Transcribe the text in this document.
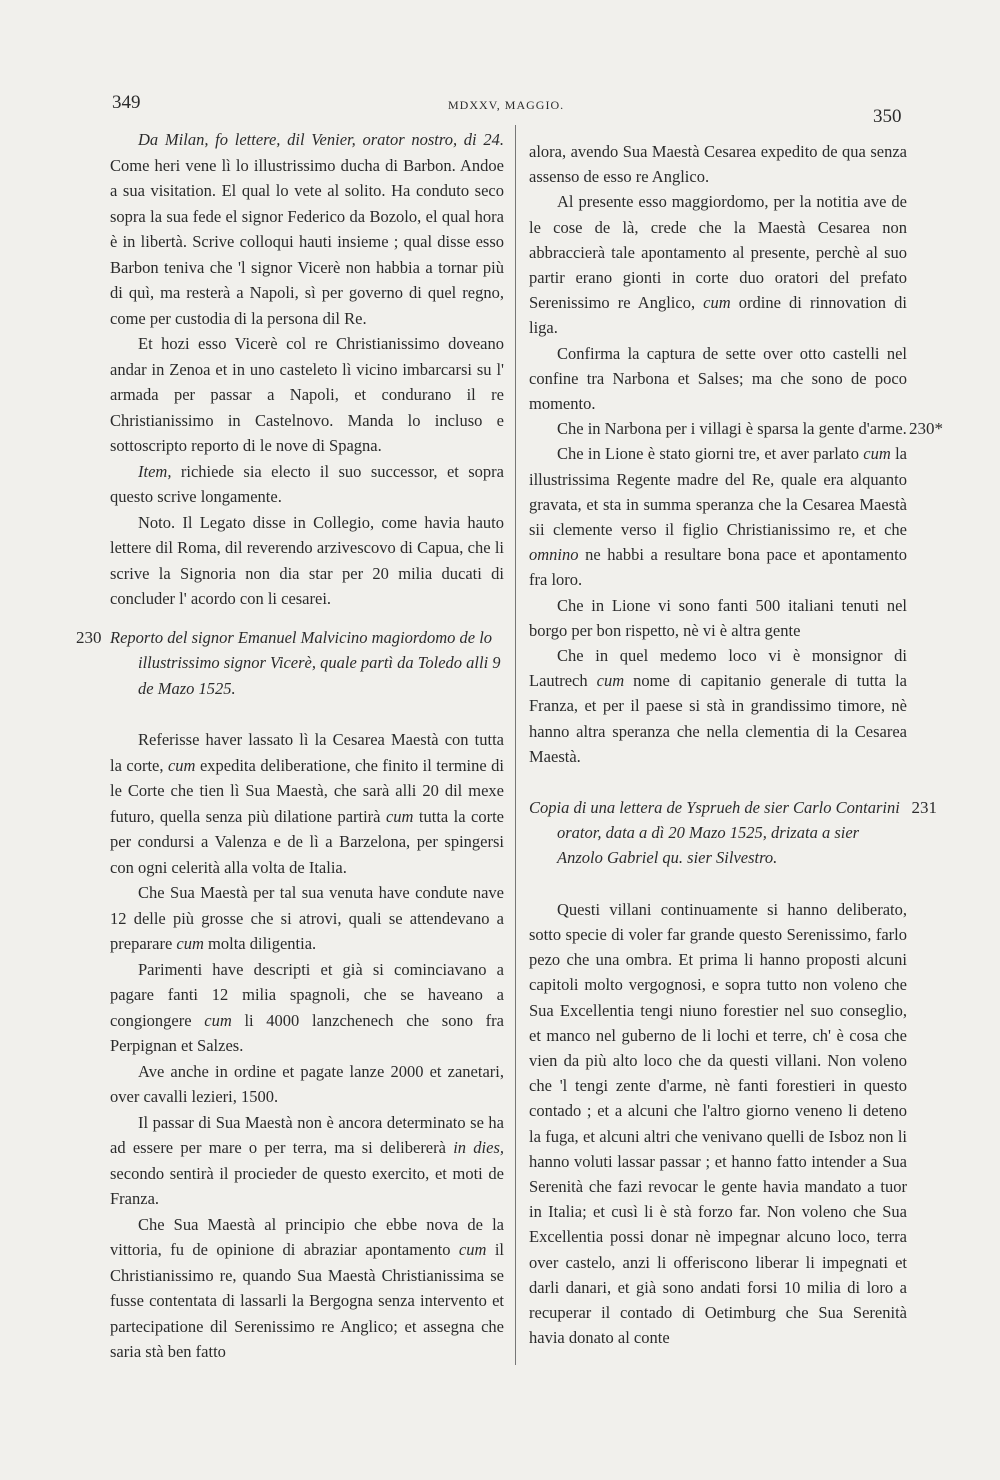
349	MDXXV, MAGGIO.
350

Da Milan, fo lettere, dil Venier, orator nostro, di 24. Come heri vene lì lo illustrissimo ducha di Barbon. Andoe a sua visitation. El qual lo vete al solito. Ha conduto seco sopra la sua fede el signor Federico da Bozolo, el qual hora è in libertà. Scrive colloqui hauti insieme ; qual disse esso Barbon teniva che 'l signor Vicerè non habbia a tornar più di quì, ma resterà a Napoli, sì per governo di quel regno, come per custodia di la persona dil Re.

Et hozi esso Vicerè col re Christianissimo doveano andar in Zenoa et in uno casteleto lì vicino imbarcarsi su l' armada per passar a Napoli, et condurano il re Christianissimo in Castelnovo. Manda lo incluso e sottoscripto reporto di le nove di Spagna.

Item, richiede sia electo il suo successor, et sopra questo scrive longamente.

Noto. Il Legato disse in Collegio, come havia hauto lettere dil Roma, dil reverendo arzivescovo di Capua, che li scrive la Signoria non dia star per 20 milia ducati di concluder l' acordo con li cesarei.

230 Reporto del signor Emanuel Malvicino magiordomo de lo illustrissimo signor Vicerè, quale partì da Toledo alli 9 de Mazo 1525.

Referisse haver lassato lì la Cesarea Maestà con tutta la corte, cum expedita deliberatione, che finito il termine di le Corte che tien lì Sua Maestà, che sarà alli 20 dil mexe futuro, quella senza più dilatione partirà cum tutta la corte per condursi a Valenza e de lì a Barzelona, per spingersi con ogni celerità alla volta de Italia.

Che Sua Maestà per tal sua venuta have condute nave 12 delle più grosse che si atrovi, quali se attendevano a preparare cum molta diligentia.

Parimenti have descripti et già si cominciavano a pagare fanti 12 milia spagnoli, che se haveano a congiongere cum li 4000 lanzchenech che sono fra Perpignan et Salzes.

Ave anche in ordine et pagate lanze 2000 et zanetari, over cavalli lezieri, 1500.

Il passar di Sua Maestà non è ancora determinato se ha ad essere per mare o per terra, ma si delibererà in dies, secondo sentirà il procieder de questo exercito, et moti de Franza.

Che Sua Maestà al principio che ebbe nova de la vittoria, fu de opinione di abraziar apontamento cum il Christianissimo re, quando Sua Maestà Christianissima se fusse contentata di lassarli la Bergogna senza intervento et partecipatione dil Serenissimo re Anglico; et assegna che saria stà ben fatto

alora, avendo Sua Maestà Cesarea expedito de qua senza assenso de esso re Anglico.

Al presente esso maggiordomo, per la notitia ave de le cose de là, crede che la Maestà Cesarea non abbraccierà tale apontamento al presente, perchè al suo partir erano gionti in corte duo oratori del prefato Serenissimo re Anglico, cum ordine di rinnovation di liga.

Confirma la captura de sette over otto castelli nel confine tra Narbona et Salses; ma che sono de poco momento.

Che in Narbona per i villagi è sparsa la gente d'arme. 230*

Che in Lione è stato giorni tre, et aver parlato cum la illustrissima Regente madre del Re, quale era alquanto gravata, et sta in summa speranza che la Cesarea Maestà sii clemente verso il figlio Christianissimo re, et che omnino ne habbi a resultare bona pace et apontamento fra loro.

Che in Lione vi sono fanti 500 italiani tenuti nel borgo per bon rispetto, nè vi è altra gente

Che in quel medemo loco vi è monsignor di Lautrech cum nome di capitanio generale di tutta la Franza, et per il paese si stà in grandissimo timore, nè hanno altra speranza che nella clementia di la Cesarea Maestà.

Copia di una lettera de Ysprueh de sier Carlo Contarini orator, data a dì 20 Mazo 1525, drizata a sier Anzolo Gabriel qu. sier Silvestro.
231

Questi villani continuamente si hanno deliberato, sotto specie di voler far grande questo Serenissimo, farlo pezo che una ombra. Et prima li hanno proposti alcuni capitoli molto vergognosi, e sopra tutto non voleno che Sua Excellentia tengi niuno forestier nel suo conseglio, et manco nel guberno de li lochi et terre, ch' è cosa che vien da più alto loco che da questi villani. Non voleno che 'l tengi zente d'arme, nè fanti forestieri in questo contado ; et a alcuni che l'altro giorno veneno li deteno la fuga, et alcuni altri che venivano quelli de Isboz non li hanno voluti lassar passar ; et hanno fatto intender a Sua Serenità che fazi revocar le gente havia mandato a tuor in Italia; et cusì li è stà forzo far. Non voleno che Sua Excellentia possi donar nè impegnar alcuno loco, terra over castelo, anzi li offeriscono liberar li impegnati et darli danari, et già sono andati forsi 10 milia di loro a recuperar il contado di Oetimburg che Sua Serenità havia donato al conte
